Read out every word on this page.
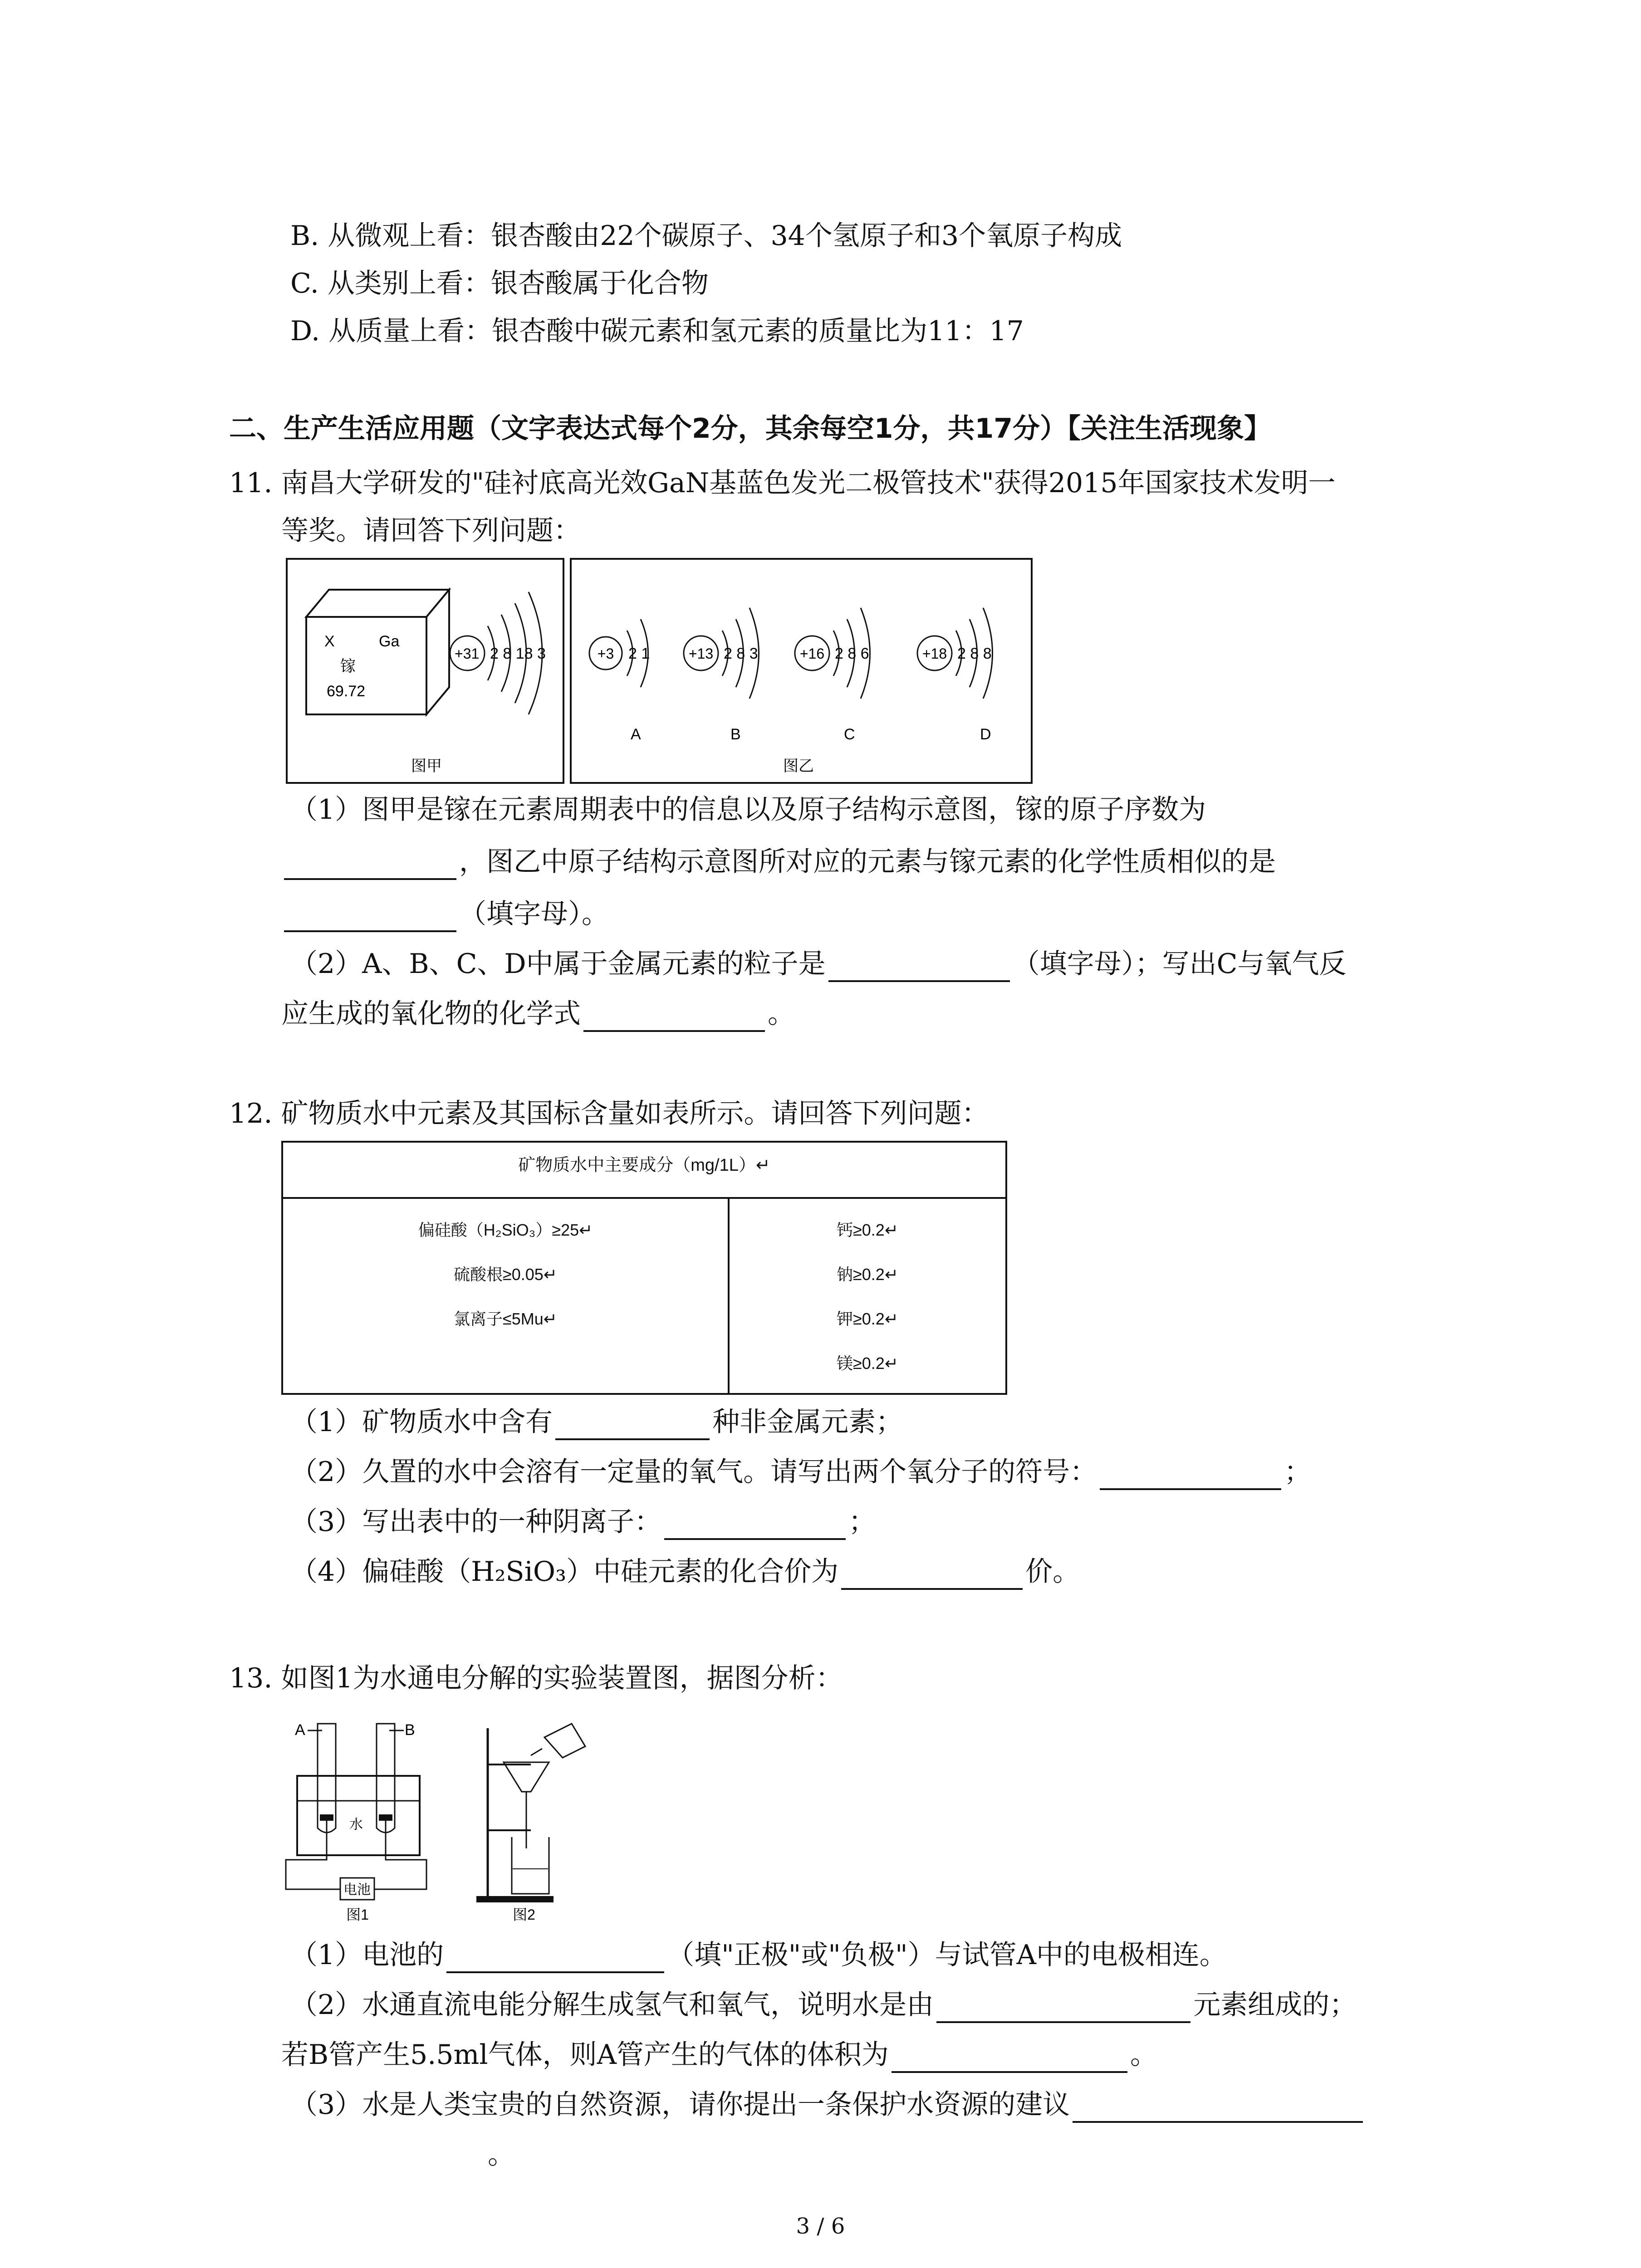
B. 从微观上看：银杏酸由22个碳原子、34个氢原子和3个氧原子构成
C. 从类别上看：银杏酸属于化合物
D. 从质量上看：银杏酸中碳元素和氢元素的质量比为11：17
二、生产生活应用题（文字表达式每个2分，其余每空1分，共17分）【关注生活现象】
11. 南昌大学研发的"硅衬底高光效GaN基蓝色发光二极管技术"获得2015年国家技术发明一
等奖。请回答下列问题：
X	Ga
镓
69.72
+31 2 8 18 3
图甲
+3 2 1
A
+13 2 8 3
B
+16 2 8 6
C
+18 2 8 8
D
图乙
（1）图甲是镓在元素周期表中的信息以及原子结构示意图，镓的原子序数为
，图乙中原子结构示意图所对应的元素与镓元素的化学性质相似的是
（填字母）。
（2）A、B、C、D中属于金属元素的粒子是	（填字母）；写出C与氧气反
应生成的氧化物的化学式	。
12. 矿物质水中元素及其国标含量如表所示。请回答下列问题：
矿物质水中主要成分（mg/1L）↵
偏硅酸（H₂SiO₃）≥25↵
硫酸根≥0.05↵
氯离子≤5Mu↵
钙≥0.2↵
钠≥0.2↵
钾≥0.2↵
镁≥0.2↵
（1）矿物质水中含有	种非金属元素；
（2）久置的水中会溶有一定量的氧气。请写出两个氧分子的符号：	；
（3）写出表中的一种阴离子：	；
（4）偏硅酸（H₂SiO₃）中硅元素的化合价为	价。
13. 如图1为水通电分解的实验装置图，据图分析：
A	B
水
电池
图1	图2
（1）电池的	（填"正极"或"负极"）与试管A中的电极相连。
（2）水通直流电能分解生成氢气和氧气，说明水是由	元素组成的；
若B管产生5.5ml气体，则A管产生的气体的体积为	。
（3）水是人类宝贵的自然资源，请你提出一条保护水资源的建议
。
3 / 6
